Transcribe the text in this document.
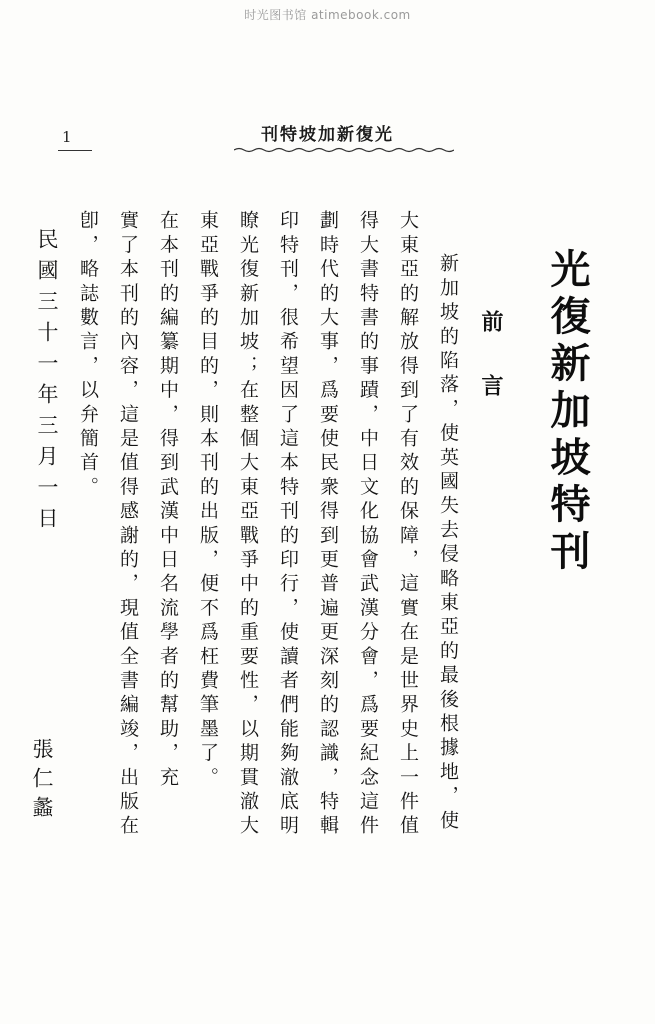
时光图书馆 atimebook.com
1	刊特坡加新復光
光復新加坡特刊
前　言
新加坡的陷落，使英國失去侵略東亞的最後根據地，使
大東亞的解放得到了有效的保障，這實在是世界史上一件值
得大書特書的事蹟，中日文化協會武漢分會，爲要紀念這件
劃時代的大事，爲要使民衆得到更普遍更深刻的認識，特輯
印特刊，很希望因了這本特刊的印行，使讀者們能夠澈底明
瞭光復新加坡；在整個大東亞戰爭中的重要性，以期貫澈大
東亞戰爭的目的，則本刊的出版，便不爲枉費筆墨了。
在本刊的編纂期中，得到武漢中日名流學者的幫助，充
實了本刊的內容，這是值得感謝的，現值全書編竣，出版在
卽，略誌數言，以弁簡首。
民國三十一年三月一日
張仁蠡
